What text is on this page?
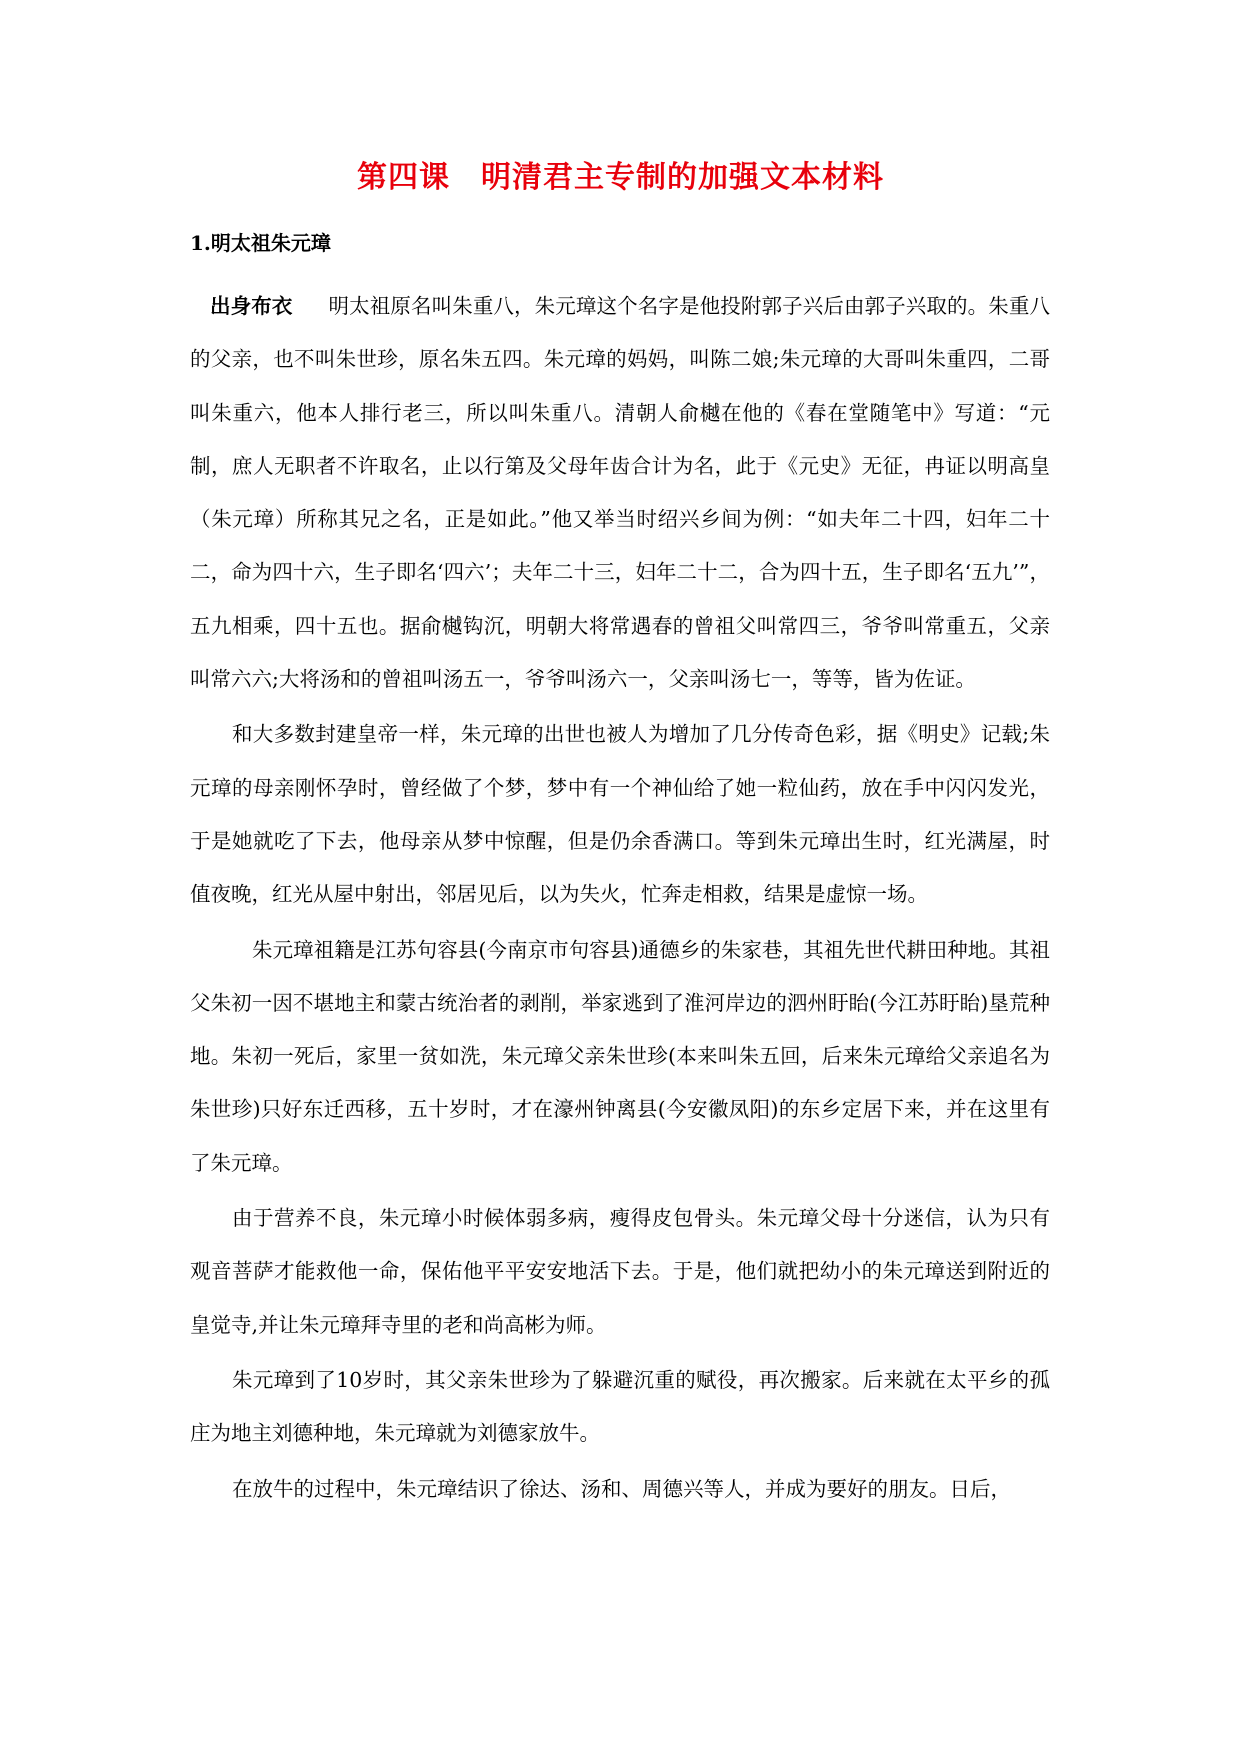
第四课　明清君主专制的加强文本材料
1.明太祖朱元璋

出身布衣 明太祖原名叫朱重八，朱元璋这个名字是他投附郭子兴后由郭子兴取的。朱重八的父亲，也不叫朱世珍，原名朱五四。朱元璋的妈妈，叫陈二娘;朱元璋的大哥叫朱重四，二哥叫朱重六，他本人排行老三，所以叫朱重八。清朝人俞樾在他的《春在堂随笔中》写道：“元制，庶人无职者不许取名，止以行第及父母年齿合计为名，此于《元史》无征，冉证以明高皇（朱元璋）所称其兄之名，正是如此。”他又举当时绍兴乡间为例：“如夫年二十四，妇年二十二，命为四十六，生子即名‘四六’；夫年二十三，妇年二十二，合为四十五，生子即名‘五九’”，五九相乘，四十五也。据俞樾钩沉，明朝大将常遇春的曾祖父叫常四三，爷爷叫常重五，父亲叫常六六;大将汤和的曾祖叫汤五一，爷爷叫汤六一，父亲叫汤七一，等等，皆为佐证。

和大多数封建皇帝一样，朱元璋的出世也被人为增加了几分传奇色彩，据《明史》记载;朱元璋的母亲刚怀孕时，曾经做了个梦，梦中有一个神仙给了她一粒仙药，放在手中闪闪发光，于是她就吃了下去，他母亲从梦中惊醒，但是仍余香满口。等到朱元璋出生时，红光满屋，时值夜晚，红光从屋中射出，邻居见后，以为失火，忙奔走相救，结果是虚惊一场。

朱元璋祖籍是江苏句容县(今南京市句容县)通德乡的朱家巷，其祖先世代耕田种地。其祖父朱初一因不堪地主和蒙古统治者的剥削，举家逃到了淮河岸边的泗州盱眙(今江苏盱眙)垦荒种地。朱初一死后，家里一贫如洗，朱元璋父亲朱世珍(本来叫朱五回，后来朱元璋给父亲追名为朱世珍)只好东迁西移，五十岁时，才在濠州钟离县(今安徽凤阳)的东乡定居下来，并在这里有了朱元璋。

由于营养不良，朱元璋小时候体弱多病，瘦得皮包骨头。朱元璋父母十分迷信，认为只有观音菩萨才能救他一命，保佑他平平安安地活下去。于是，他们就把幼小的朱元璋送到附近的皇觉寺,并让朱元璋拜寺里的老和尚高彬为师。

朱元璋到了10岁时，其父亲朱世珍为了躲避沉重的赋役，再次搬家。后来就在太平乡的孤庄为地主刘德种地，朱元璋就为刘德家放牛。

在放牛的过程中，朱元璋结识了徐达、汤和、周德兴等人，并成为要好的朋友。日后，
